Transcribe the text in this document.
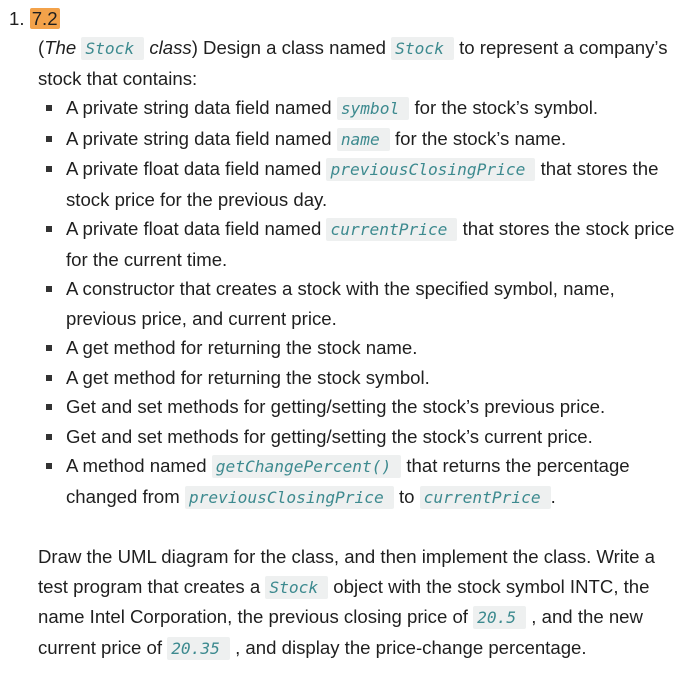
1. 7.2

(The Stock class) Design a class named Stock to represent a company’s stock that contains:

A private string data field named symbol for the stock’s symbol.
A private string data field named name for the stock’s name.
A private float data field named previousClosingPrice that stores the stock price for the previous day.
A private float data field named currentPrice that stores the stock price for the current time.
A constructor that creates a stock with the specified symbol, name, previous price, and current price.
A get method for returning the stock name.
A get method for returning the stock symbol.
Get and set methods for getting/setting the stock’s previous price.
Get and set methods for getting/setting the stock’s current price.
A method named getChangePercent() that returns the percentage changed from previousClosingPrice to currentPrice .

Draw the UML diagram for the class, and then implement the class. Write a test program that creates a Stock object with the stock symbol INTC, the name Intel Corporation, the previous closing price of 20.5 , and the new current price of 20.35 , and display the price-change percentage.
